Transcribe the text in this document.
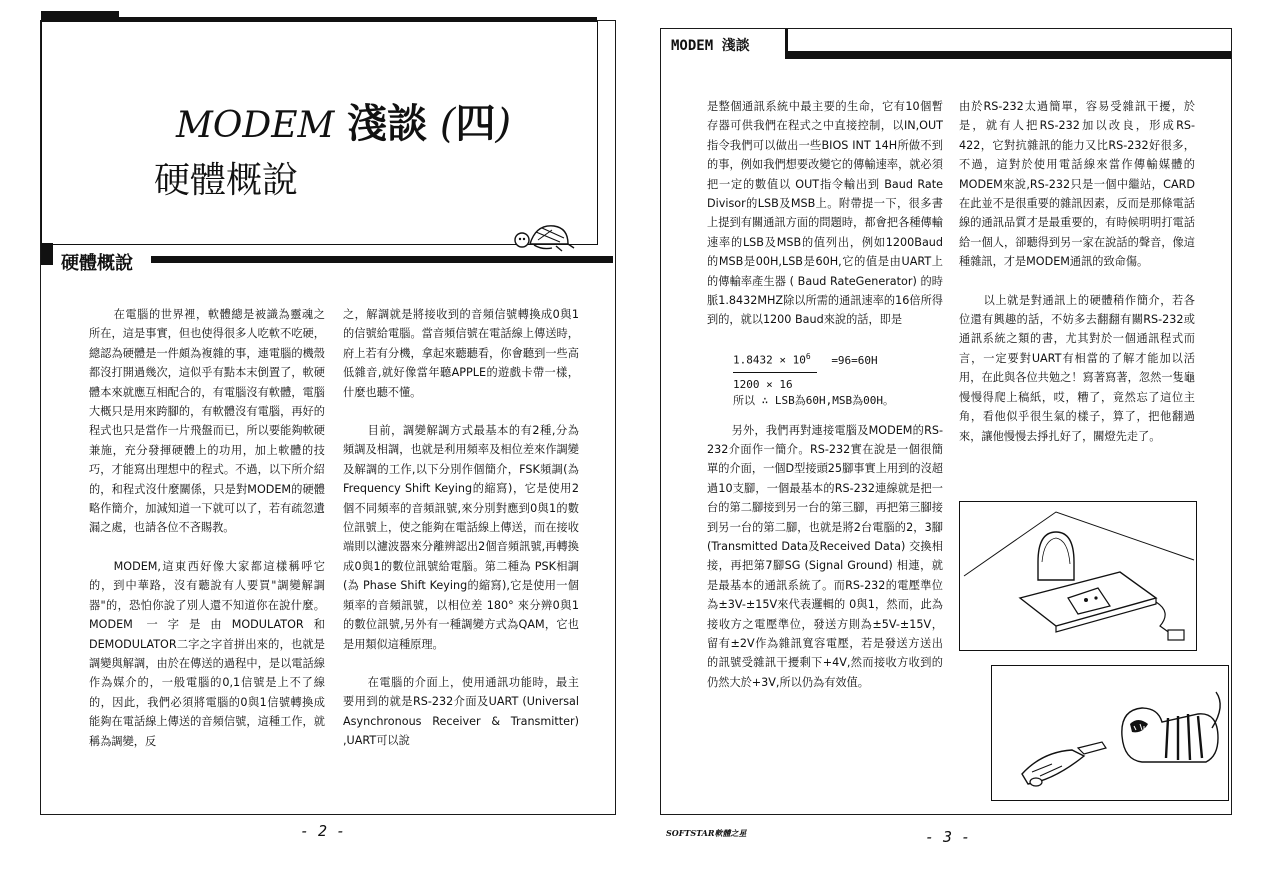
MODEM 淺談 (四)
硬體概說
硬體概說

在電腦的世界裡，軟體總是被識為靈魂之所在，這是事實，但也使得很多人吃軟不吃硬，總認為硬體是一件頗為複雜的事，連電腦的機殼都沒打開過幾次，這似乎有點本末倒置了，軟硬體本來就應互相配合的，有電腦沒有軟體，電腦大概只是用來跨腳的，有軟體沒有電腦，再好的程式也只是當作一片飛盤而已，所以要能夠軟硬兼施，充分發揮硬體上的功用，加上軟體的技巧，才能寫出理想中的程式。不過，以下所介紹的，和程式沒什麼關係，只是對MODEM的硬體略作簡介，加減知道一下就可以了，若有疏忽遺漏之處，也請各位不吝賜教。

MODEM,這東西好像大家都這樣稱呼它的，到中華路，沒有聽說有人要買"調變解調器"的，恐怕你說了別人還不知道你在說什麼。MODEM 一字是由MODULATOR和DEMODULATOR二字之字首拼出來的，也就是調變與解調，由於在傳送的過程中，是以電話線作為媒介的，一般電腦的0,1信號是上不了線的，因此，我們必須將電腦的0與1信號轉換成能夠在電話線上傳送的音頻信號，這種工作，就稱為調變，反

之，解調就是將接收到的音頻信號轉換成0與1的信號給電腦。當音頻信號在電話線上傳送時，府上若有分機，拿起來聽聽看，你會聽到一些高低雜音,就好像當年聽APPLE的遊戲卡帶一樣，什麼也聽不懂。

目前，調變解調方式最基本的有2種,分為頻調及相調，也就是利用頻率及相位差來作調變及解調的工作,以下分別作個簡介，FSK頻調(為 Frequency Shift Keying的縮寫)，它是使用2個不同頻率的音頻訊號,來分別對應到0與1的數位訊號上，使之能夠在電話線上傳送，而在接收端則以濾波器來分離辨認出2個音頻訊號,再轉換成0與1的數位訊號給電腦。第二種為 PSK相調(為 Phase Shift Keying的縮寫),它是使用一個頻率的音頻訊號，以相位差 180° 來分辨0與1的數位訊號,另外有一種調變方式為QAM，它也是用類似這種原理。

在電腦的介面上，使用通訊功能時，最主要用到的就是RS-232介面及UART (Universal Asynchronous Receiver & Transmitter) ,UART可以說

- 2 -
MODEM 淺談

是整個通訊系統中最主要的生命，它有10個暫存器可供我們在程式之中直接控制，以IN,OUT指令我們可以做出一些BIOS INT 14H所做不到的事，例如我們想要改變它的傳輸速率，就必須把一定的數值以 OUT指令輸出到 Baud Rate Divisor的LSB及MSB上。附帶提一下，很多書上提到有關通訊方面的問題時，都會把各種傳輸速率的LSB及MSB的值列出，例如1200Baud的MSB是00H,LSB是60H,它的值是由UART上的傳輸率產生器 ( Baud RateGenerator) 的時脈1.8432MHZ除以所需的通訊速率的16倍所得到的，就以1200 Baud來說的話，即是

$1.8432 \times 10^6 =96=60H$
1200 × 16
所以 ∴ LSB為60H,MSB為00H。

另外，我們再對連接電腦及MODEM的RS-232介面作一簡介。RS-232實在說是一個很簡單的介面，一個D型接頭25腳事實上用到的沒超過10支腳，一個最基本的RS-232連線就是把一台的第二腳接到另一台的第三腳，再把第三腳接到另一台的第二腳，也就是將2台電腦的2，3腳 (Transmitted Data及Received Data) 交換相接，再把第7腳SG (Signal Ground) 相連，就是最基本的通訊系統了。而RS-232的電壓準位為±3V-±15V來代表邏輯的 0與1，然而，此為接收方之電壓準位，發送方則為±5V-±15V，留有±2V作為雜訊寬容電壓，若是發送方送出的訊號受雜訊干擾剩下+4V,然而接收方收到的仍然大於+3V,所以仍為有效值。

由於RS-232太過簡單，容易受雜訊干擾，於是，就有人把RS-232加以改良，形成RS-422，它對抗雜訊的能力又比RS-232好很多，不過，這對於使用電話線來當作傳輸媒體的MODEM來說,RS-232只是一個中繼站，CARD在此並不是很重要的雜訊因素，反而是那條電話線的通訊品質才是最重要的，有時候明明打電話給一個人，卻聽得到另一家在說話的聲音，像這種雜訊，才是MODEM通訊的致命傷。

以上就是對通訊上的硬體稍作簡介，若各位還有興趣的話，不妨多去翻翻有關RS-232或通訊系統之類的書，尤其對於一個通訊程式而言，一定要對UART有相當的了解才能加以活用，在此與各位共勉之！寫著寫著，忽然一隻龜慢慢得爬上稿紙，哎，糟了，竟然忘了這位主角，看他似乎很生氣的樣子，算了，把他翻過來，讓他慢慢去掙扎好了，關燈先走了。

SOFTSTAR軟體之星	- 3 -
